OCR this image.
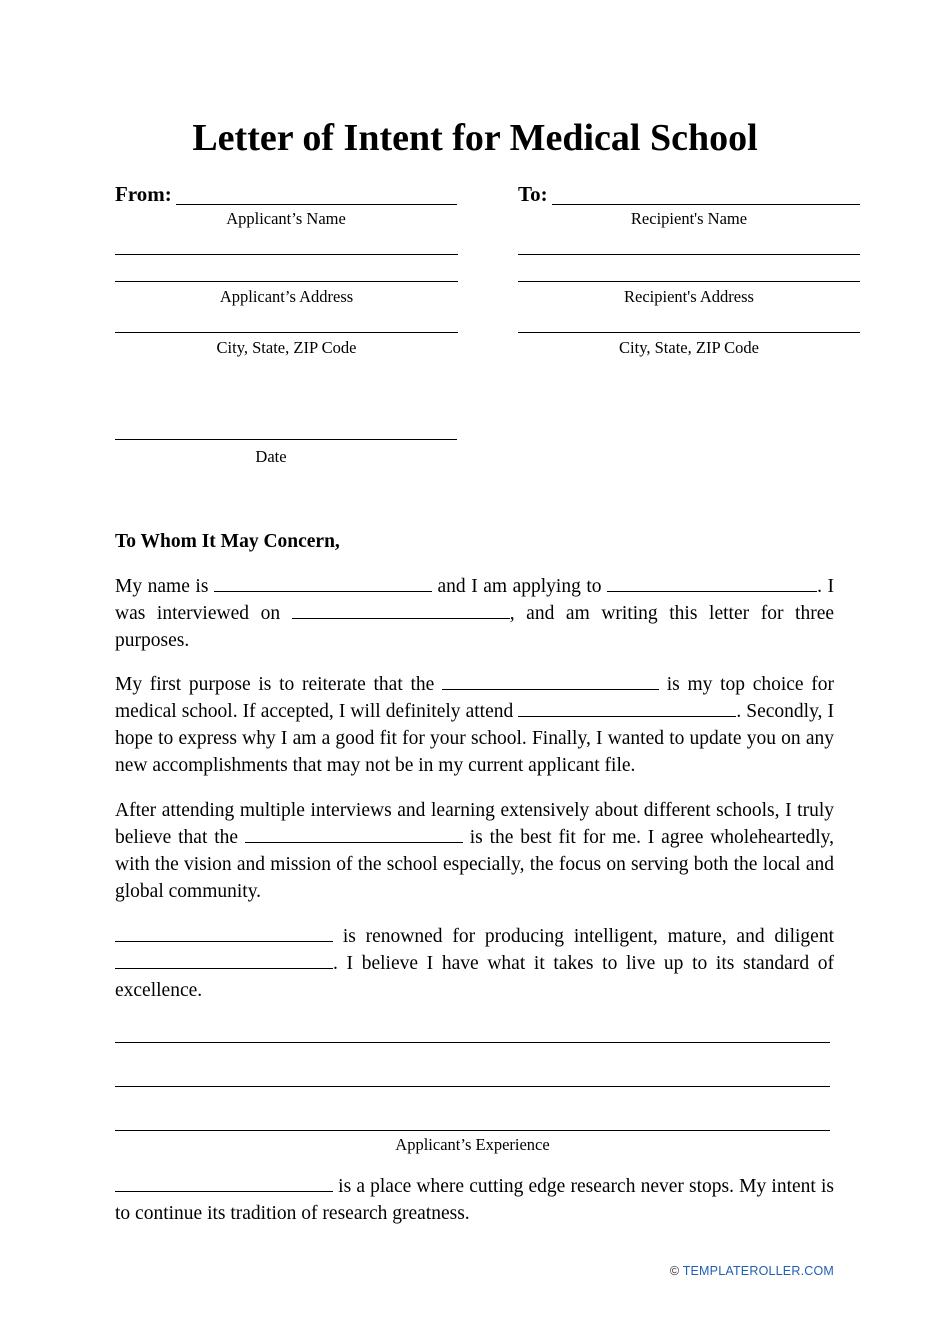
Letter of Intent for Medical School
From:
Applicant’s Name
To:
Recipient's Name
Applicant’s Address	Recipient's Address
City, State, ZIP Code	City, State, ZIP Code
Date
To Whom It May Concern,
My name is	and I am applying to	. I was interviewed on	, and am writing this letter for three purposes.
My first purpose is to reiterate that the	is my top choice for medical school. If accepted, I will definitely attend	. Secondly, I hope to express why I am a good fit for your school. Finally, I wanted to update you on any new accomplishments that may not be in my current applicant file.
After attending multiple interviews and learning extensively about different schools, I truly believe that the	is the best fit for me. I agree wholeheartedly, with the vision and mission of the school especially, the focus on serving both the local and global community.
is renowned for producing intelligent, mature, and diligent . I believe I have what it takes to live up to its standard of excellence.
Applicant’s Experience
is a place where cutting edge research never stops. My intent is to continue its tradition of research greatness.
© TEMPLATEROLLER.COM
